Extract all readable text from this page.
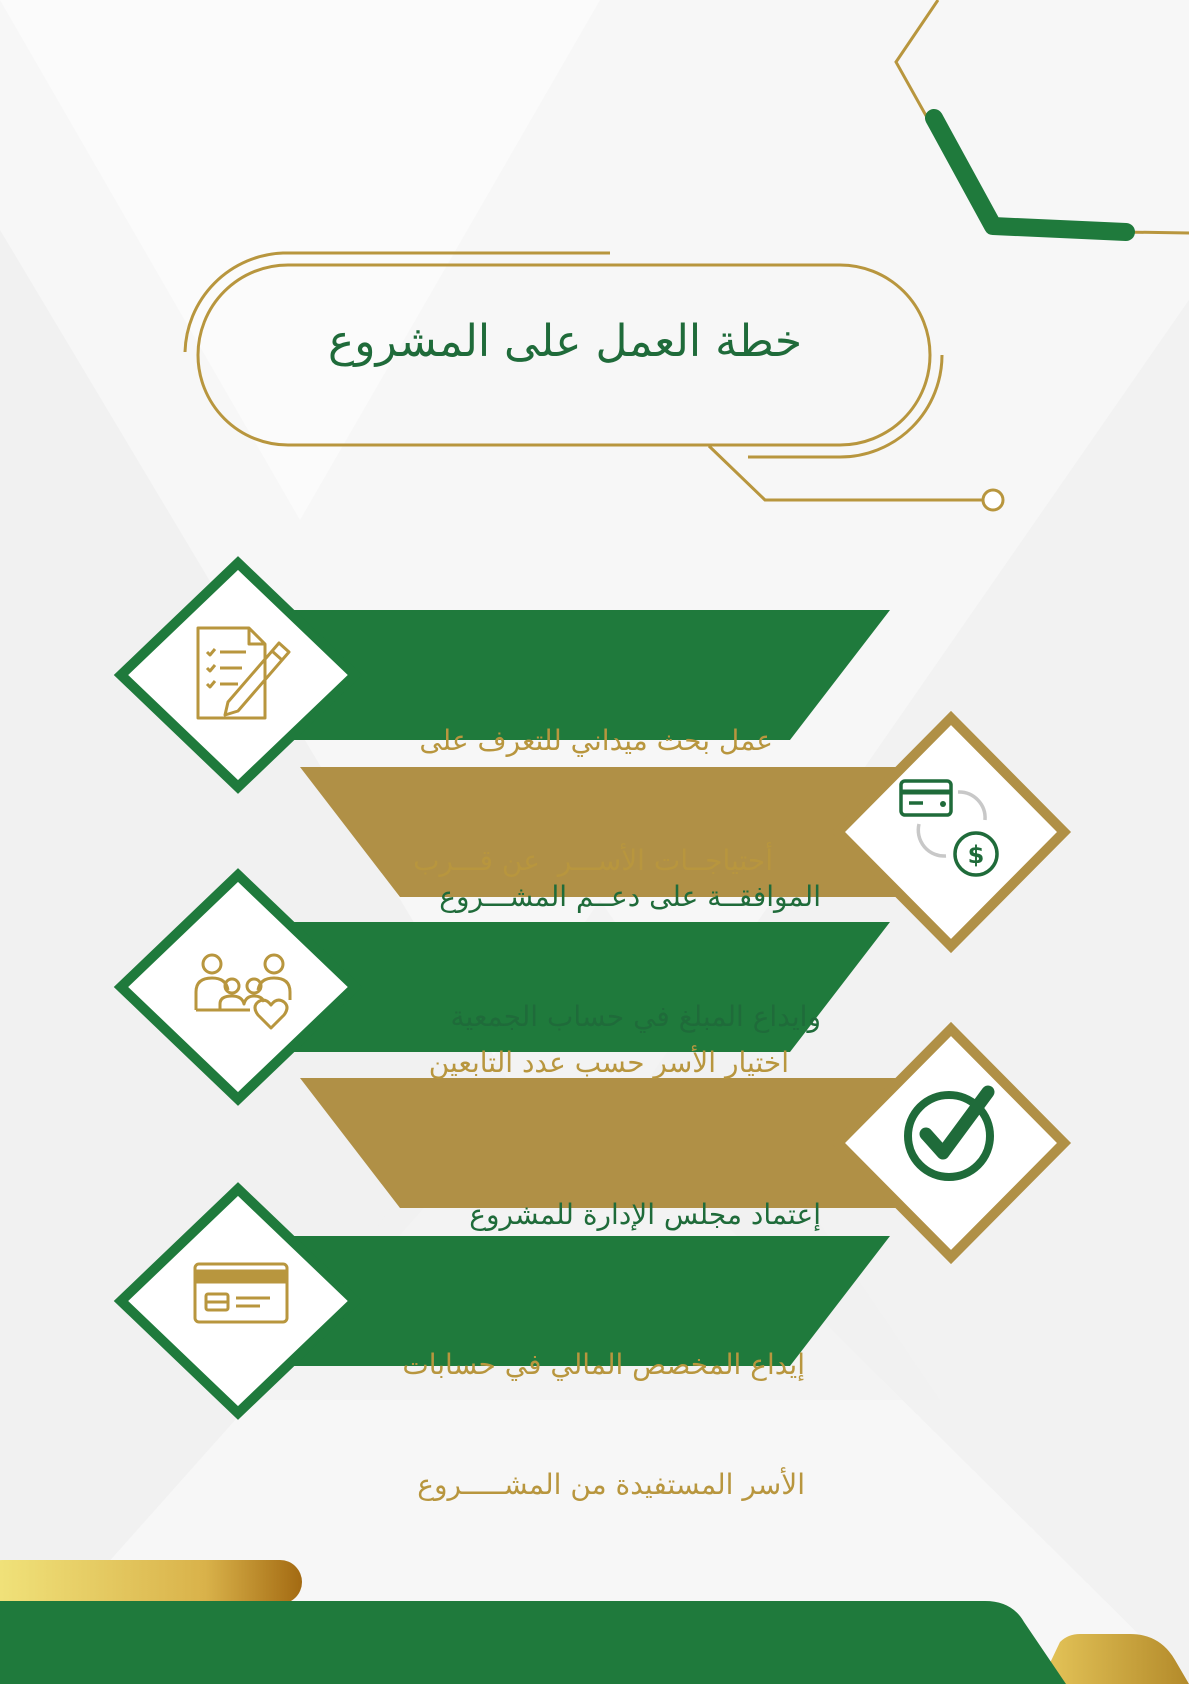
$
خطة العمل على المشروع

عمل بحث ميداني للتعرف على

أحتياجــات الأســـر  عن قـــرب

الموافقــة على دعــم المشـــروع

وايداع المبلغ في حساب الجمعية

اختيار الأسر حسب عدد التابعين

إعتماد مجلس الإدارة للمشروع

إيداع المخصص المالي في حسابات

الأسر المستفيدة من المشـــــروع
